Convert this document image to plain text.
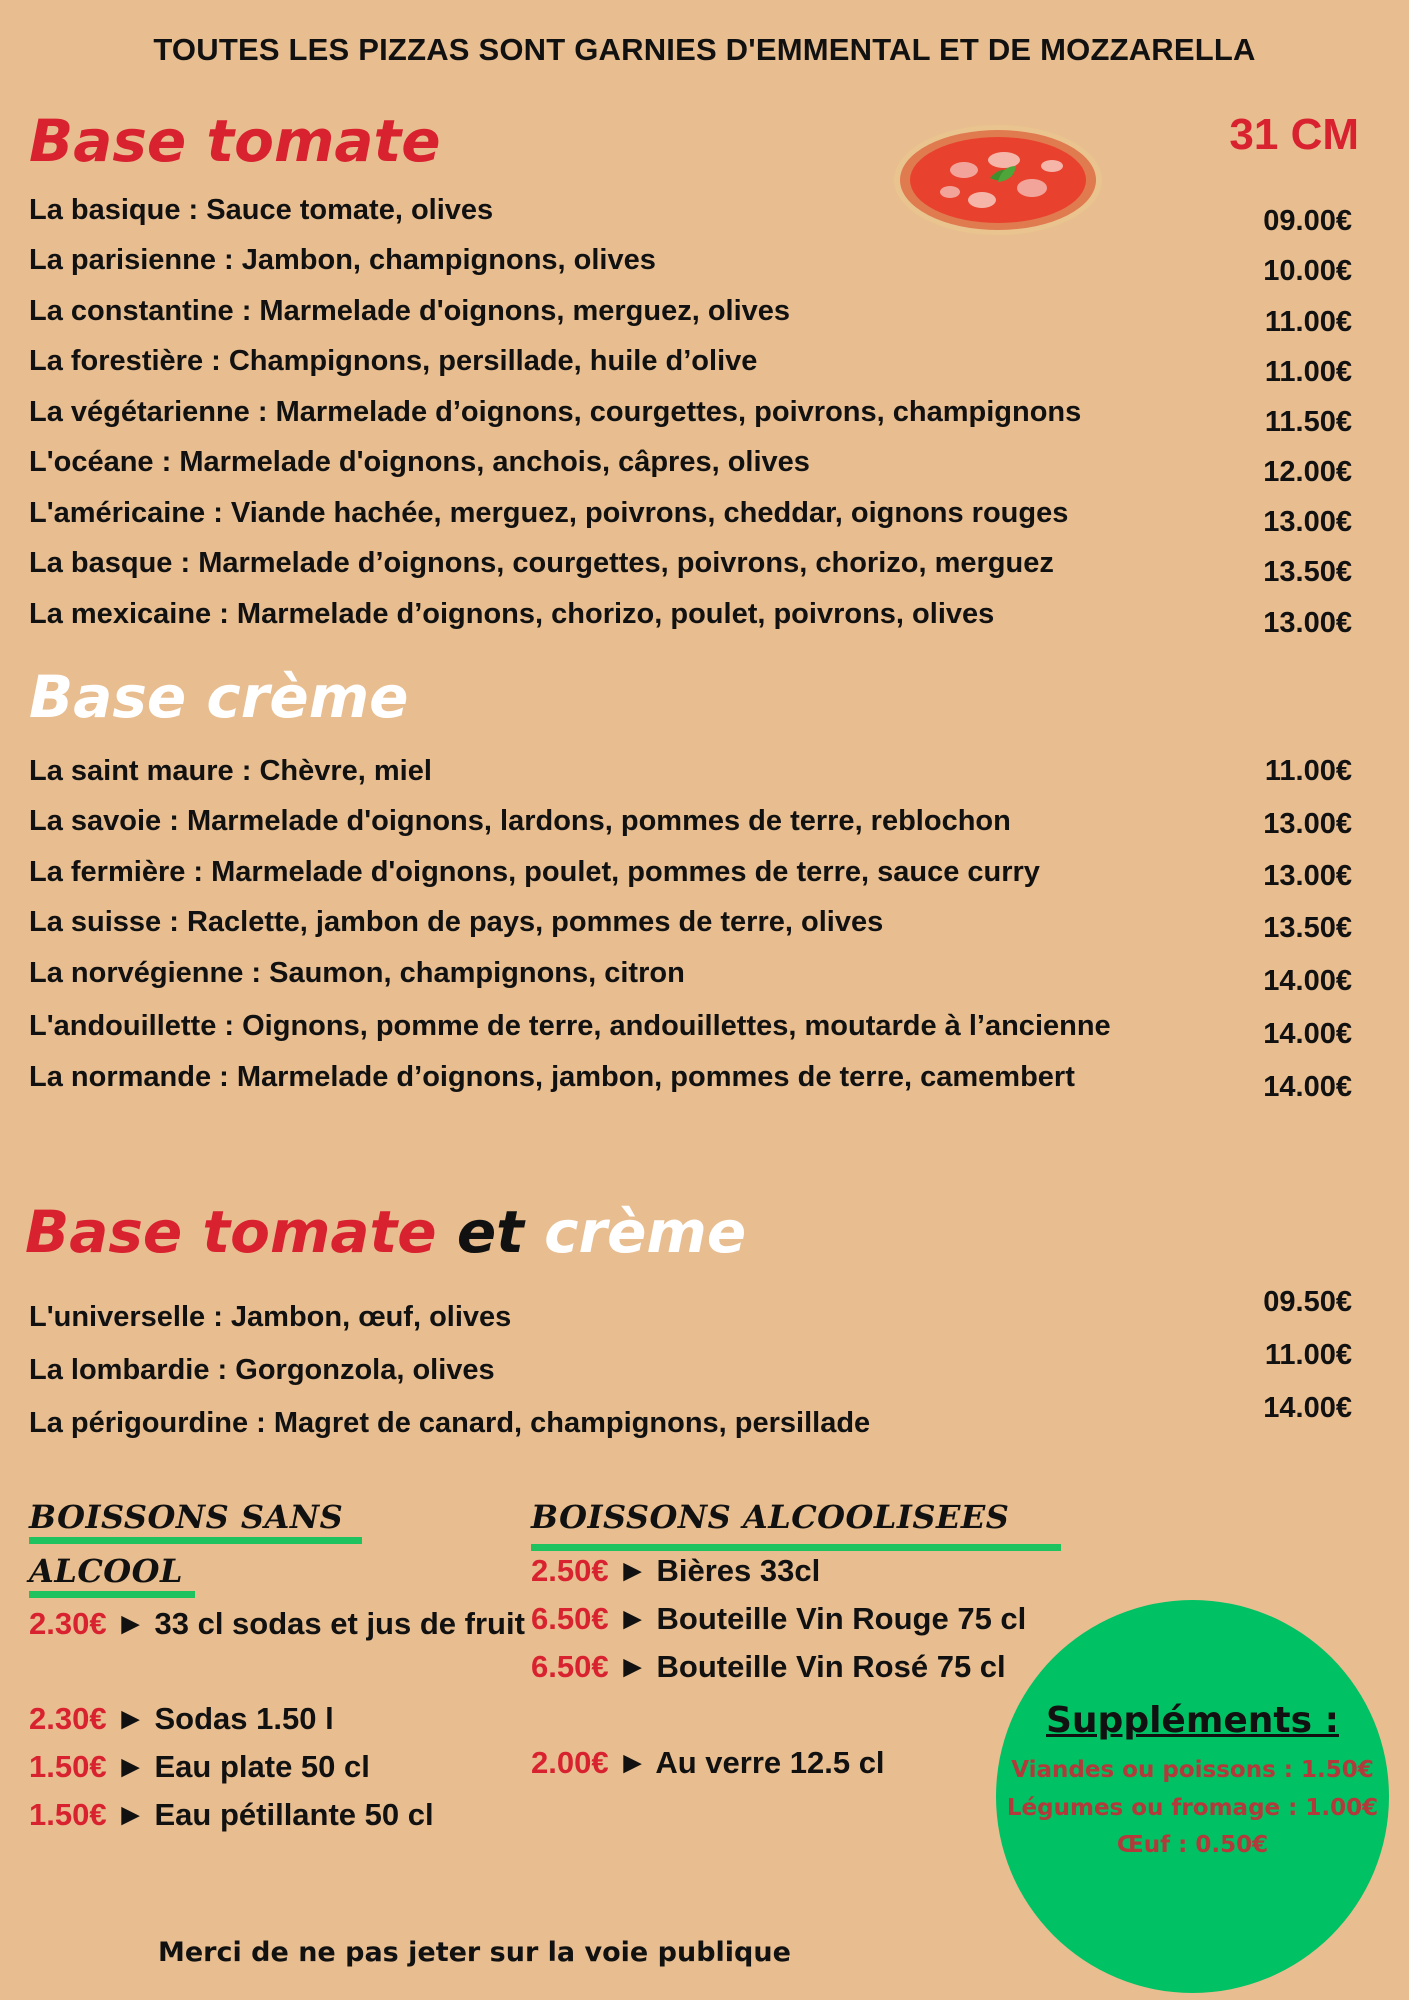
TOUTES LES PIZZAS SONT GARNIES D'EMMENTAL ET DE MOZZARELLA
Base tomate	31 CM
La basique : Sauce tomate, olives	09.00€
La parisienne : Jambon, champignons, olives	10.00€
La constantine : Marmelade d'oignons, merguez, olives	11.00€
La forestière : Champignons, persillade, huile d’olive	11.00€
La végétarienne : Marmelade d’oignons, courgettes, poivrons, champignons	11.50€
L'océane : Marmelade d'oignons, anchois, câpres, olives	12.00€
L'américaine : Viande hachée, merguez, poivrons, cheddar, oignons rouges	13.00€
La basque : Marmelade d’oignons, courgettes, poivrons, chorizo, merguez	13.50€
La mexicaine : Marmelade d’oignons, chorizo, poulet, poivrons, olives	13.00€
Base crème
La saint maure : Chèvre, miel	11.00€
La savoie : Marmelade d'oignons, lardons, pommes de terre, reblochon	13.00€
La fermière : Marmelade d'oignons, poulet, pommes de terre, sauce curry	13.00€
La suisse : Raclette, jambon de pays, pommes de terre, olives	13.50€
La norvégienne : Saumon, champignons, citron	14.00€
L'andouillette : Oignons, pomme de terre, andouillettes, moutarde à l’ancienne	14.00€
La normande : Marmelade d’oignons, jambon, pommes de terre, camembert	14.00€
Base tomate et crème
L'universelle : Jambon, œuf, olives	09.50€
La lombardie : Gorgonzola, olives	11.00€
La périgourdine : Magret de canard, champignons, persillade	14.00€
BOISSONS SANS
ALCOOL
2.30€ ► 33 cl sodas et jus de fruit
2.30€ ► Sodas 1.50 l
1.50€ ► Eau plate 50 cl
1.50€ ► Eau pétillante 50 cl
BOISSONS ALCOOLISEES
2.50€ ► Bières 33cl
6.50€ ► Bouteille Vin Rouge 75 cl
6.50€ ► Bouteille Vin Rosé 75 cl
2.00€ ► Au verre 12.5 cl
Suppléments :
Viandes ou poissons : 1.50€
Légumes ou fromage : 1.00€
Œuf : 0.50€
Merci de ne pas jeter sur la voie publique
